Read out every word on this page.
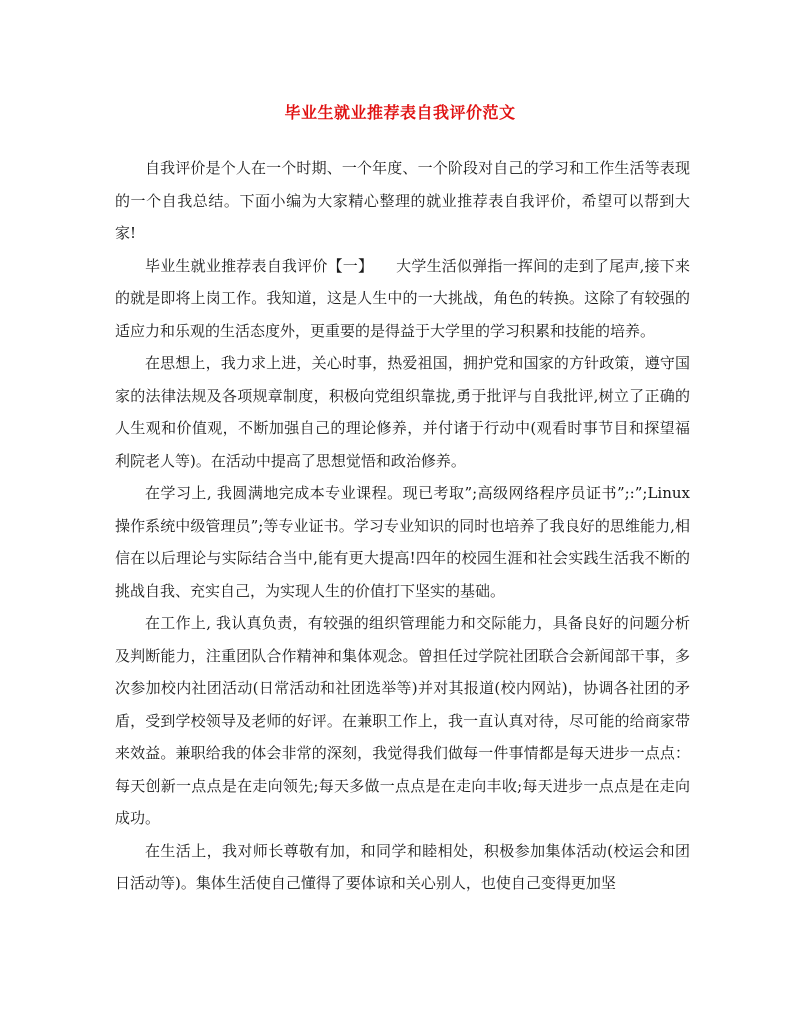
毕业生就业推荐表自我评价范文

自我评价是个人在一个时期、一个年度、一个阶段对自己的学习和工作生活等表现的一个自我总结。下面小编为大家精心整理的就业推荐表自我评价，希望可以帮到大家!

毕业生就业推荐表自我评价【一】　　大学生活似弹指一挥间的走到了尾声,接下来的就是即将上岗工作。我知道，这是人生中的一大挑战，角色的转换。这除了有较强的适应力和乐观的生活态度外，更重要的是得益于大学里的学习积累和技能的培养。

在思想上，我力求上进，关心时事，热爱祖国，拥护党和国家的方针政策，遵守国家的法律法规及各项规章制度，积极向党组织靠拢,勇于批评与自我批评,树立了正确的人生观和价值观，不断加强自己的理论修养，并付诸于行动中(观看时事节目和探望福利院老人等)。在活动中提高了思想觉悟和政治修养。

在学习上, 我圆满地完成本专业课程。现已考取”;高级网络程序员证书”;:”;Linux操作系统中级管理员”;等专业证书。学习专业知识的同时也培养了我良好的思维能力,相信在以后理论与实际结合当中,能有更大提高!四年的校园生涯和社会实践生活我不断的挑战自我、充实自己，为实现人生的价值打下坚实的基础。

在工作上, 我认真负责，有较强的组织管理能力和交际能力，具备良好的问题分析及判断能力，注重团队合作精神和集体观念。曾担任过学院社团联合会新闻部干事，多次参加校内社团活动(日常活动和社团选举等)并对其报道(校内网站)，协调各社团的矛盾，受到学校领导及老师的好评。在兼职工作上，我一直认真对待，尽可能的给商家带来效益。兼职给我的体会非常的深刻，我觉得我们做每一件事情都是每天进步一点点：每天创新一点点是在走向领先;每天多做一点点是在走向丰收;每天进步一点点是在走向成功。

在生活上，我对师长尊敬有加，和同学和睦相处，积极参加集体活动(校运会和团日活动等)。集体生活使自己懂得了要体谅和关心别人，也使自己变得更加坚
